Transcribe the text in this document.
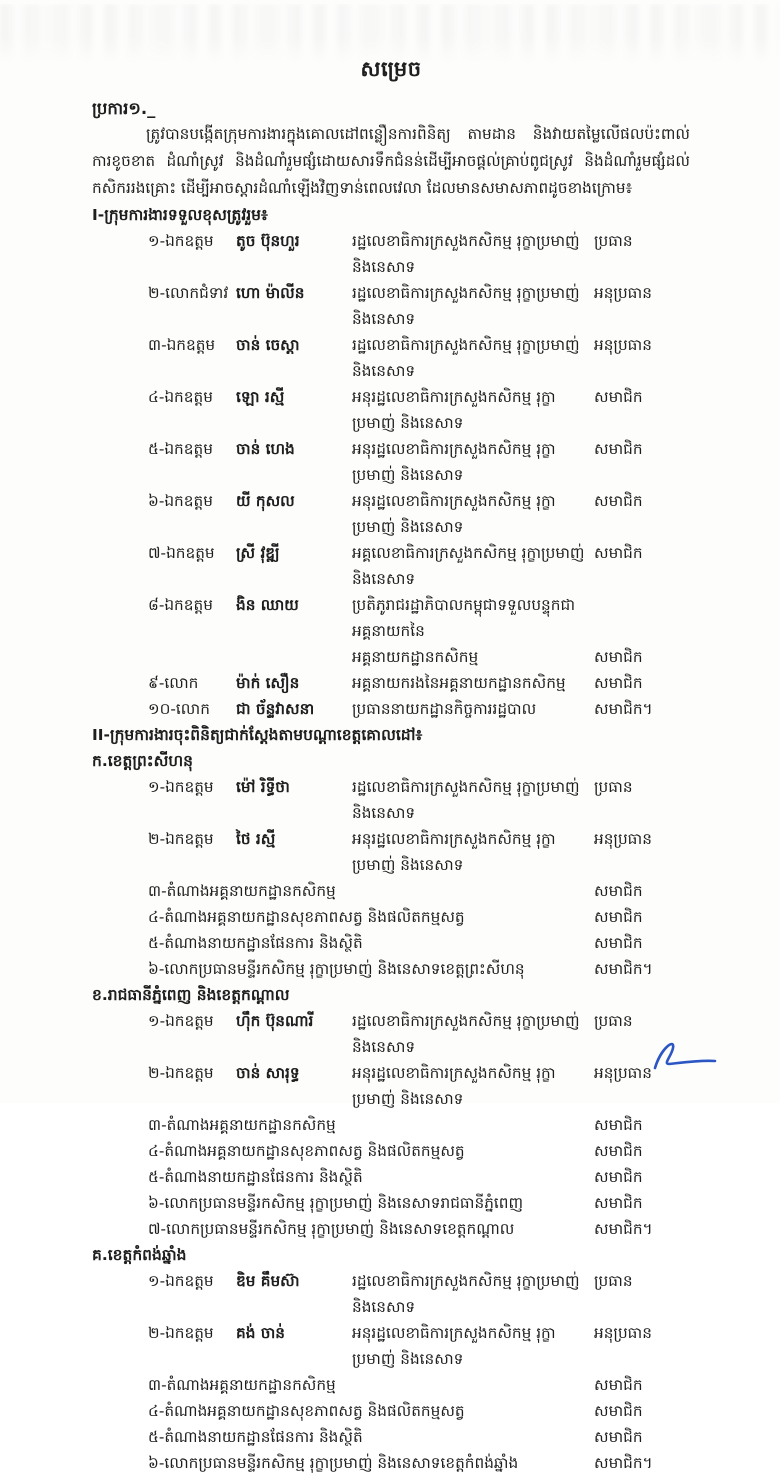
សម្រេច
ប្រការ១._

ត្រូវបានបង្កើតក្រុមការងារក្នុងគោលដៅពន្លឿនការពិនិត្យ តាមដាន និងវាយតម្លៃលើផលប៉ះពាល់ការខូចខាត ដំណាំស្រូវ និងដំណាំរួមផ្សំដោយសារទឹកជំនន់ដើម្បីអាចផ្ដល់គ្រាប់ពូជស្រូវ និងដំណាំរួមផ្សំដល់កសិកររងគ្រោះ ដើម្បីអាចស្ដារដំណាំឡើងវិញទាន់ពេលវេលា ដែលមានសមាសភាពដូចខាងក្រោម៖

I-ក្រុមការងារទទួលខុសត្រូវរួម៖
១-ឯកឧត្តម	តូច ប៊ុនហួរ	រដ្ឋលេខាធិការក្រសួងកសិកម្ម រុក្ខាប្រមាញ់ និងនេសាទ
ប្រធាន
២-លោកជំទាវ ហោ ម៉ាលីន	រដ្ឋលេខាធិការក្រសួងកសិកម្ម រុក្ខាប្រមាញ់ និងនេសាទ
អនុប្រធាន
៣-ឯកឧត្តម	ចាន់ ចេស្ដា	រដ្ឋលេខាធិការក្រសួងកសិកម្ម រុក្ខាប្រមាញ់ និងនេសាទ
អនុប្រធាន
៤-ឯកឧត្តម	ឡោ រស្មី	អនុរដ្ឋលេខាធិការក្រសួងកសិកម្ម រុក្ខាប្រមាញ់ និងនេសាទ
សមាជិក
៥-ឯកឧត្តម	ចាន់ ហេង	អនុរដ្ឋលេខាធិការក្រសួងកសិកម្ម រុក្ខាប្រមាញ់ និងនេសាទ
សមាជិក
៦-ឯកឧត្តម	យី កុសល	អនុរដ្ឋលេខាធិការក្រសួងកសិកម្ម រុក្ខាប្រមាញ់ និងនេសាទ
សមាជិក
៧-ឯកឧត្តម	ស្រី វុឌ្ឍី	អគ្គលេខាធិការក្រសួងកសិកម្ម រុក្ខាប្រមាញ់ និងនេសាទ
សមាជិក
៨-ឯកឧត្តម	ងិន ឈាយ	ប្រតិភូរាជរដ្ឋាភិបាលកម្ពុជាទទួលបន្ទុកជាអគ្គនាយកនៃ
អគ្គនាយកដ្ឋានកសិកម្ម	សមាជិក
៩-លោក	ម៉ាក់ សឿន	អគ្គនាយករងនៃអគ្គនាយកដ្ឋានកសិកម្ម	សមាជិក
១០-លោក	ជា ច័ន្ទវាសនា	ប្រធាននាយកដ្ឋានកិច្ចការរដ្ឋបាល	សមាជិក។
II-ក្រុមការងារចុះពិនិត្យជាក់ស្ដែងតាមបណ្ដាខេត្តគោលដៅ៖
ក.ខេត្តព្រះសីហនុ
១-ឯកឧត្តម	ម៉ៅ រិទ្ធីថា	រដ្ឋលេខាធិការក្រសួងកសិកម្ម រុក្ខាប្រមាញ់ និងនេសាទ
ប្រធាន
២-ឯកឧត្តម	ថៃ រស្មី	អនុរដ្ឋលេខាធិការក្រសួងកសិកម្ម រុក្ខាប្រមាញ់ និងនេសាទ
អនុប្រធាន
៣-តំណាងអគ្គនាយកដ្ឋានកសិកម្ម	សមាជិក
៤-តំណាងអគ្គនាយកដ្ឋានសុខភាពសត្វ និងផលិតកម្មសត្វ	សមាជិក
៥-តំណាងនាយកដ្ឋានផែនការ និងស្ថិតិ	សមាជិក
៦-លោកប្រធានមន្ទីរកសិកម្ម រុក្ខាប្រមាញ់ និងនេសាទខេត្តព្រះសីហនុ	សមាជិក។
ខ.រាជធានីភ្នំពេញ និងខេត្តកណ្ដាល
១-ឯកឧត្តម	ហ៊ឹក ប៊ុនណារី	រដ្ឋលេខាធិការក្រសួងកសិកម្ម រុក្ខាប្រមាញ់ និងនេសាទ
ប្រធាន
២-ឯកឧត្តម	ចាន់ សារុទ្ធ	អនុរដ្ឋលេខាធិការក្រសួងកសិកម្ម រុក្ខាប្រមាញ់ និងនេសាទ
អនុប្រធាន
៣-តំណាងអគ្គនាយកដ្ឋានកសិកម្ម	សមាជិក
៤-តំណាងអគ្គនាយកដ្ឋានសុខភាពសត្វ និងផលិតកម្មសត្វ	សមាជិក
៥-តំណាងនាយកដ្ឋានផែនការ និងស្ថិតិ	សមាជិក
៦-លោកប្រធានមន្ទីរកសិកម្ម រុក្ខាប្រមាញ់ និងនេសាទរាជធានីភ្នំពេញ	សមាជិក
៧-លោកប្រធានមន្ទីរកសិកម្ម រុក្ខាប្រមាញ់ និងនេសាទខេត្តកណ្ដាល	សមាជិក។
គ.ខេត្តកំពង់ឆ្នាំង
១-ឯកឧត្តម	ឌិម គឹមស៊ា	រដ្ឋលេខាធិការក្រសួងកសិកម្ម រុក្ខាប្រមាញ់ និងនេសាទ
ប្រធាន
២-ឯកឧត្តម	គង់ ចាន់	អនុរដ្ឋលេខាធិការក្រសួងកសិកម្ម រុក្ខាប្រមាញ់ និងនេសាទ
អនុប្រធាន
៣-តំណាងអគ្គនាយកដ្ឋានកសិកម្ម	សមាជិក
៤-តំណាងអគ្គនាយកដ្ឋានសុខភាពសត្វ និងផលិតកម្មសត្វ	សមាជិក
៥-តំណាងនាយកដ្ឋានផែនការ និងស្ថិតិ	សមាជិក
៦-លោកប្រធានមន្ទីរកសិកម្ម រុក្ខាប្រមាញ់ និងនេសាទខេត្តកំពង់ឆ្នាំង	សមាជិក។
